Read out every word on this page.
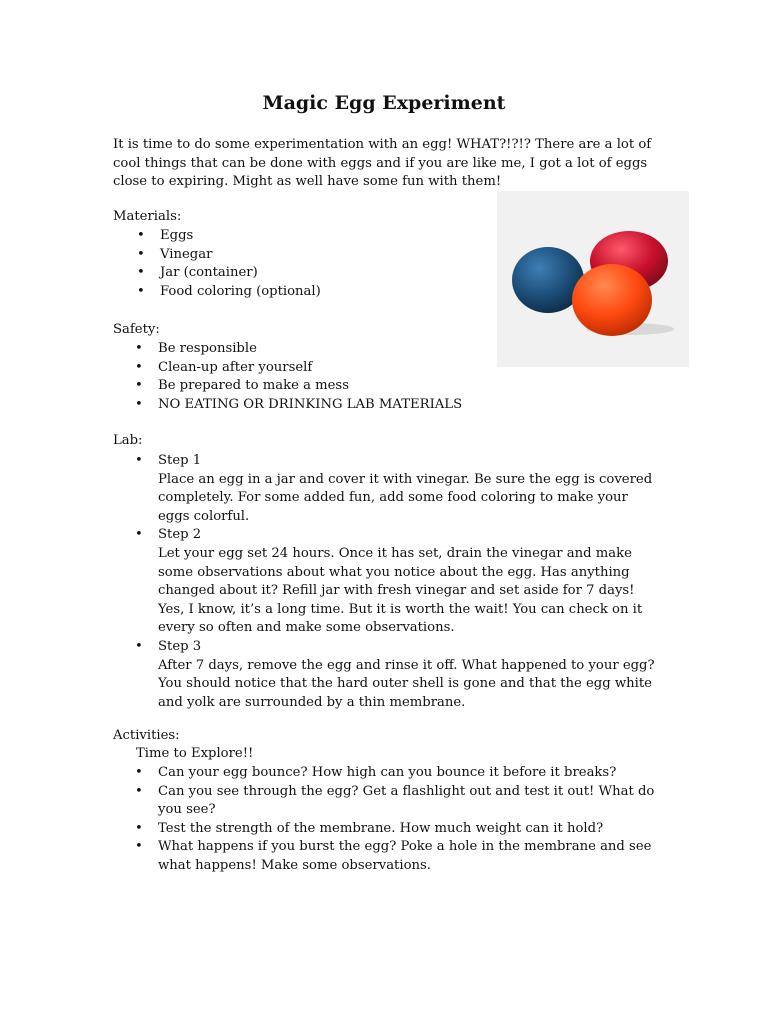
Magic Egg Experiment
It is time to do some experimentation with an egg! WHAT?!?!? There are a lot of cool things that can be done with eggs and if you are like me, I got a lot of eggs close to expiring. Might as well have some fun with them!
Materials:
• Eggs
• Vinegar
• Jar (container)
• Food coloring (optional)
Safety:
• Be responsible
• Clean-up after yourself
• Be prepared to make a mess
• NO EATING OR DRINKING LAB MATERIALS
Lab:
• Step 1
Place an egg in a jar and cover it with vinegar. Be sure the egg is covered completely. For some added fun, add some food coloring to make your eggs colorful.
• Step 2
Let your egg set 24 hours. Once it has set, drain the vinegar and make some observations about what you notice about the egg. Has anything changed about it? Refill jar with fresh vinegar and set aside for 7 days!
Yes, I know, it’s a long time. But it is worth the wait! You can check on it every so often and make some observations.
• Step 3
After 7 days, remove the egg and rinse it off. What happened to your egg? You should notice that the hard outer shell is gone and that the egg white and yolk are surrounded by a thin membrane.
Activities:
Time to Explore!!
• Can your egg bounce? How high can you bounce it before it breaks?
• Can you see through the egg? Get a flashlight out and test it out! What do you see?
• Test the strength of the membrane. How much weight can it hold?
• What happens if you burst the egg? Poke a hole in the membrane and see what happens! Make some observations.
